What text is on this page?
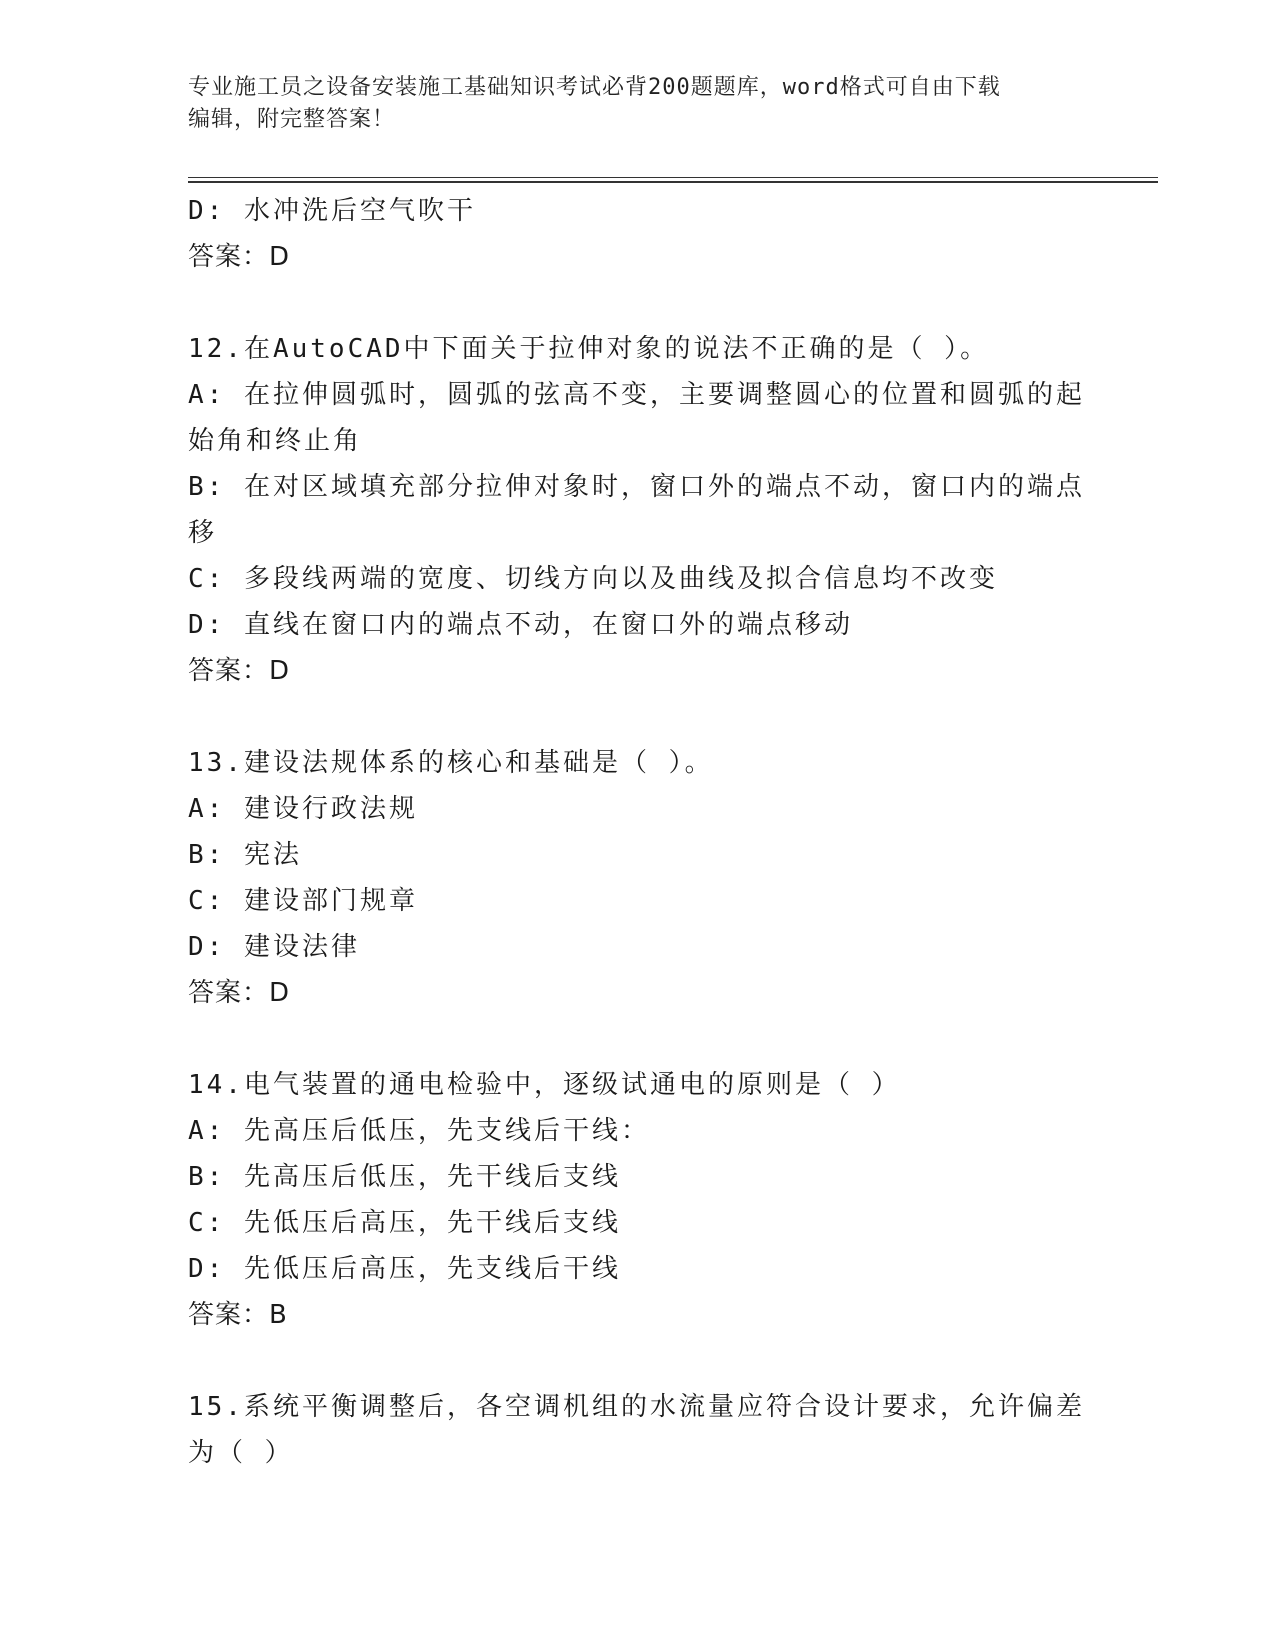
专业施工员之设备安装施工基础知识考试必背200题题库，word格式可自由下载
编辑，附完整答案！
D: 水冲洗后空气吹干
答案：D
12.在AutoCAD中下面关于拉伸对象的说法不正确的是（ ）。
A: 在拉伸圆弧时，圆弧的弦高不变，主要调整圆心的位置和圆弧的起
始角和终止角
B: 在对区域填充部分拉伸对象时，窗口外的端点不动，窗口内的端点
移
C: 多段线两端的宽度、切线方向以及曲线及拟合信息均不改变
D: 直线在窗口内的端点不动，在窗口外的端点移动
答案：D
13.建设法规体系的核心和基础是（ ）。
A: 建设行政法规
B: 宪法
C: 建设部门规章
D: 建设法律
答案：D
14.电气装置的通电检验中，逐级试通电的原则是（ ）
A: 先高压后低压，先支线后干线：
B: 先高压后低压，先干线后支线
C: 先低压后高压，先干线后支线
D: 先低压后高压，先支线后干线
答案：B
15.系统平衡调整后，各空调机组的水流量应符合设计要求，允许偏差
为（ ）
